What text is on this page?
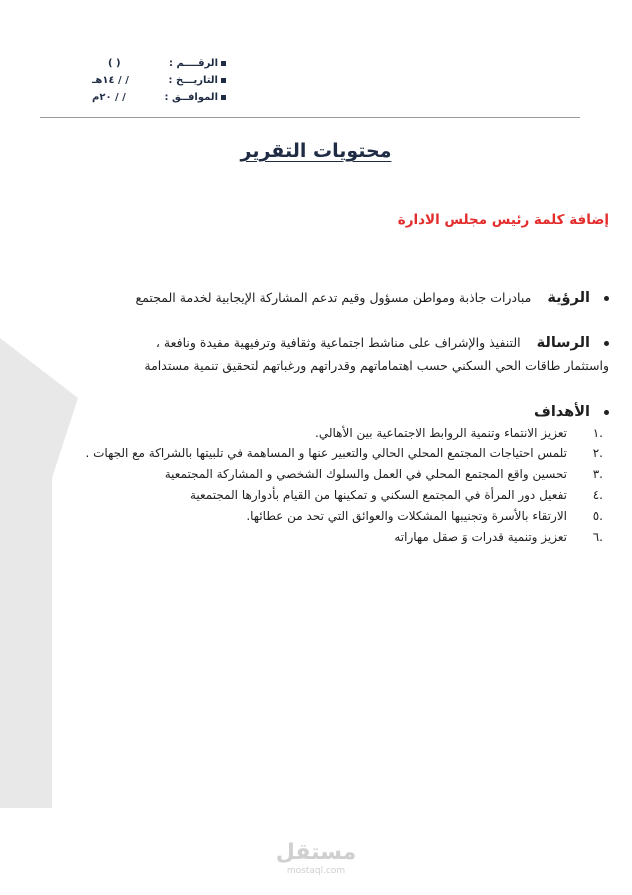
الرقــــم :
( )
التاريـــخ :
/ / ١٤هـ
الموافــق :
/ / ٢٠م
محتويات التقرير
إضافة كلمة رئيس مجلس الادارة
الرؤيةمبادرات جاذبة ومواطن مسؤول وقيم تدعم المشاركة الإيجابية لخدمة المجتمع
الرسالةالتنفيذ والإشراف على مناشط اجتماعية وثقافية وترفيهية مفيدة ونافعة ،
واستثمار طاقات الحي السكني حسب اهتماماتهم وقدراتهم ورغباتهم لتحقيق تنمية مستدامة
الأهداف
.١
تعزيز الانتماء وتنمية الروابط الاجتماعية بين الأهالي.
.٢
تلمس احتياجات المجتمع المحلي الحالي والتعبير عنها و المساهمة في تلبيتها بالشراكة مع الجهات .
.٣
تحسين واقع المجتمع المحلي في العمل والسلوك الشخصي و المشاركة المجتمعية
.٤
تفعيل دور المرأة في المجتمع السكني و تمكينها من القيام بأدوارها المجتمعية
.٥
الارتقاء بالأسرة وتجنيبها المشكلات والعوائق التي تحد من عطائها.
.٦
تعزيز وتنمية قدرات وَ صقل مهاراته
مستقل
mostaql.com
